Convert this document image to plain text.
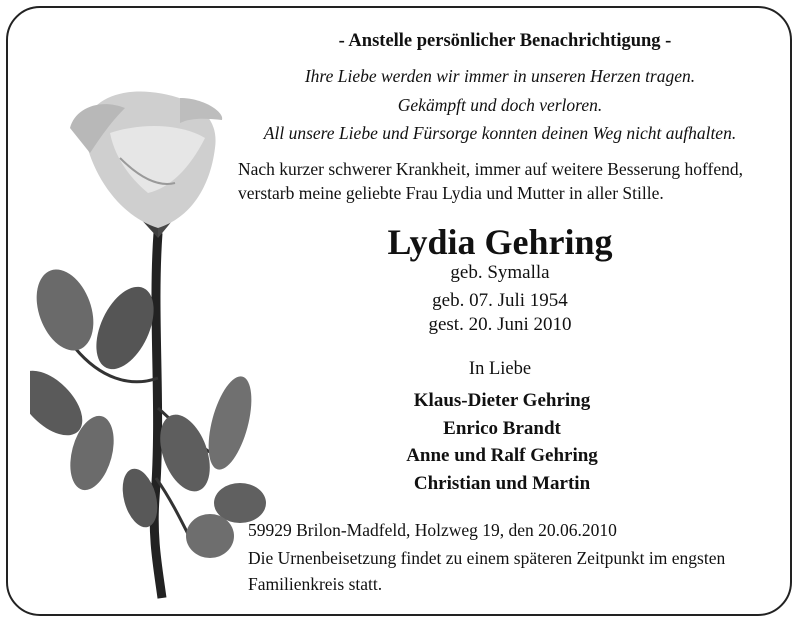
- Anstelle persönlicher Benachrichtigung -
Ihre Liebe werden wir immer in unseren Herzen tragen.
Gekämpft und doch verloren.
All unsere Liebe und Fürsorge konnten deinen Weg nicht aufhalten.
Nach kurzer schwerer Krankheit, immer auf weitere Besserung hoffend,
verstarb meine geliebte Frau Lydia und Mutter in aller Stille.
Lydia Gehring
geb. Symalla
geb. 07. Juli 1954
gest. 20. Juni 2010
In Liebe
Klaus-Dieter Gehring
Enrico Brandt
Anne und Ralf Gehring
Christian und Martin
59929 Brilon-Madfeld, Holzweg 19, den 20.06.2010
Die Urnenbeisetzung findet zu einem späteren Zeitpunkt im engsten
Familienkreis statt.
